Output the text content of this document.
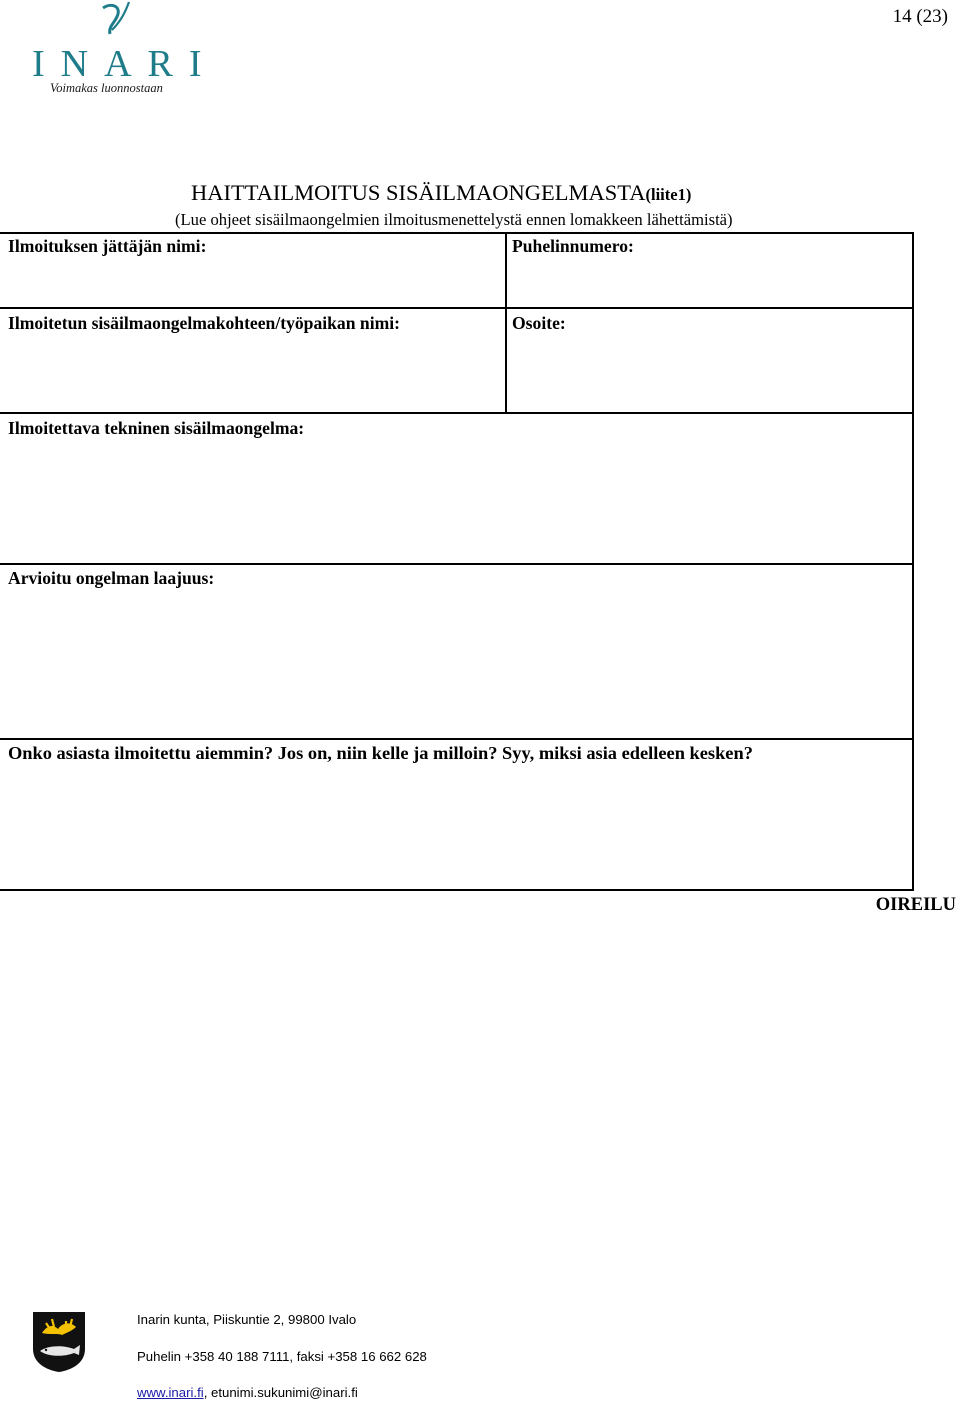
14 (23)
INARI
Voimakas luonnostaan
HAITTAILMOITUS SISÄILMAONGELMASTA(liite1)
(Lue ohjeet sisäilmaongelmien ilmoitusmenettelystä ennen lomakkeen lähettämistä)
Ilmoituksen jättäjän nimi:	Puhelinnumero:
Ilmoitetun sisäilmaongelmakohteen/työpaikan nimi:	Osoite:
Ilmoitettava tekninen sisäilmaongelma:
Arvioitu ongelman laajuus:
Onko asiasta ilmoitettu aiemmin? Jos on, niin kelle ja milloin? Syy, miksi asia edelleen kesken?
OIREILU
Inarin kunta, Piiskuntie 2, 99800 Ivalo
Puhelin +358 40 188 7111, faksi +358 16 662 628
www.inari.fi, etunimi.sukunimi@inari.fi
